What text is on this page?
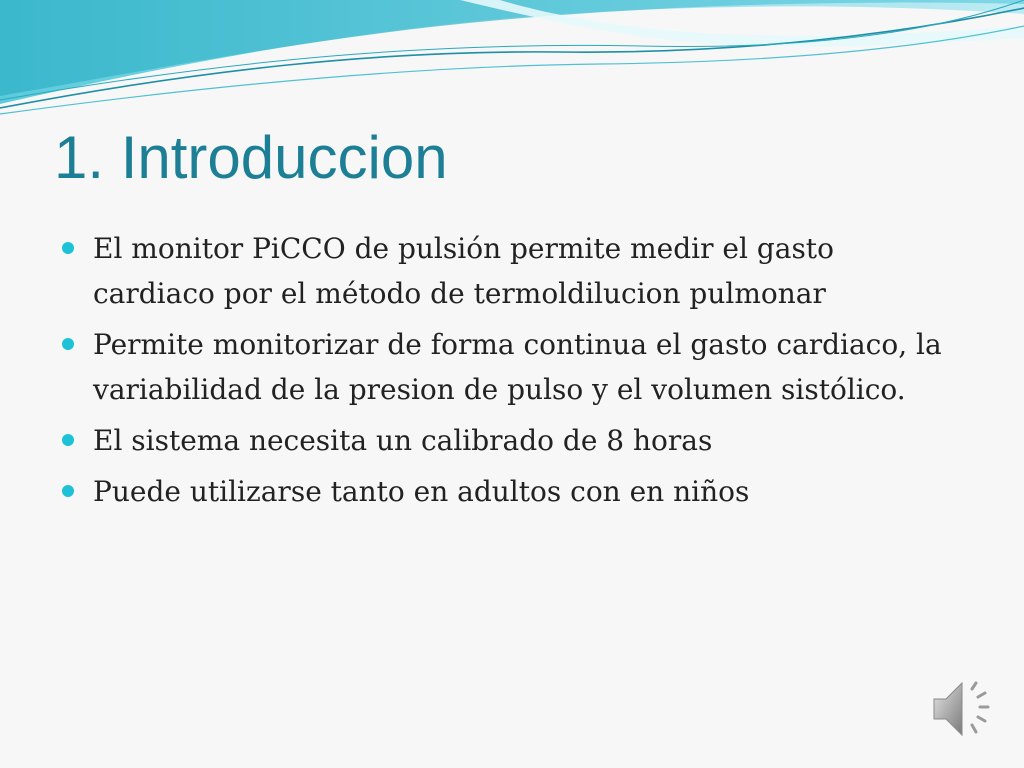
1. Introduccion
El monitor PiCCO de pulsión permite medir el gasto cardiaco por el método de termoldilucion pulmonar
Permite monitorizar de forma continua el gasto cardiaco, la variabilidad de la presion de pulso y el volumen sistólico.
El sistema necesita un calibrado de 8 horas
Puede utilizarse tanto en adultos con en niños
